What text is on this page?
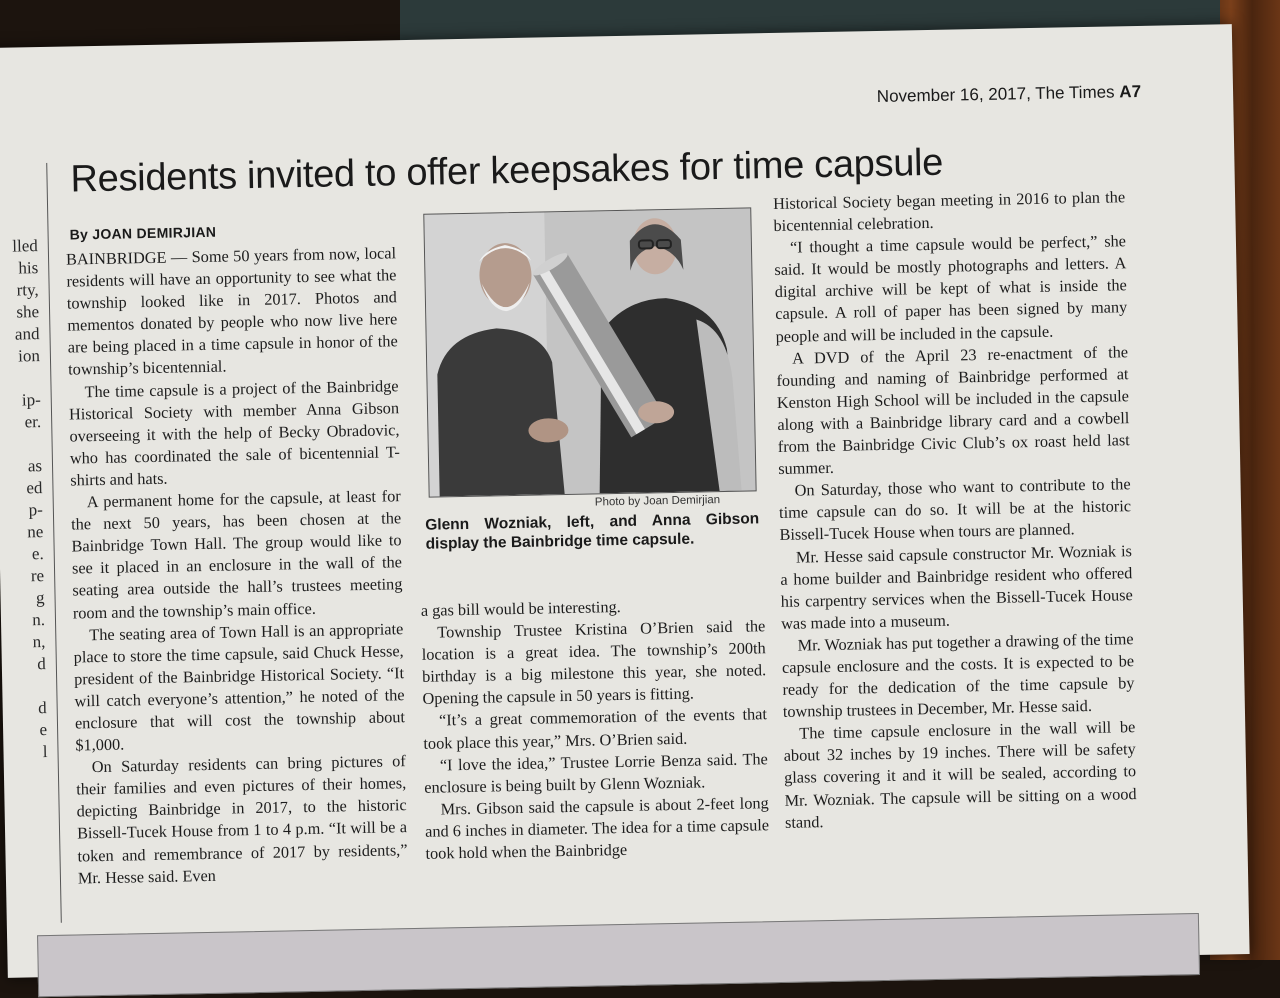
lled
his
rty,
she
and
ion
ip-
er.
as
ed
p-
ne
e.
re
g
n.
n,
d
d
e
l
November 16, 2017, The Times A7
Residents invited to offer keepsakes for time capsule
By JOAN DEMIRJIAN

BAINBRIDGE — Some 50 years from now, local residents will have an opportunity to see what the township looked like in 2017. Photos and mementos donated by people who now live here are being placed in a time capsule in honor of the township’s bicentennial.

The time capsule is a project of the Bainbridge Historical Society with member Anna Gibson overseeing it with the help of Becky Obradovic, who has coordinated the sale of bicentennial T-shirts and hats.

A permanent home for the capsule, at least for the next 50 years, has been chosen at the Bainbridge Town Hall. The group would like to see it placed in an enclosure in the wall of the seating area outside the hall’s trustees meeting room and the township’s main office.

The seating area of Town Hall is an appropriate place to store the time capsule, said Chuck Hesse, president of the Bainbridge Historical Society. “It will catch everyone’s attention,” he noted of the enclosure that will cost the township about $1,000.

On Saturday residents can bring pictures of their families and even pictures of their homes, depicting Bainbridge in 2017, to the historic Bissell-Tucek House from 1 to 4 p.m. “It will be a token and remembrance of 2017 by residents,” Mr. Hesse said. Even

Photo by Joan Demirjian
Glenn Wozniak, left, and Anna Gibson display the Bainbridge time capsule.

a gas bill would be interesting.

Township Trustee Kristina O’Brien said the location is a great idea. The township’s 200th birthday is a big milestone this year, she noted. Opening the capsule in 50 years is fitting.

“It’s a great commemoration of the events that took place this year,” Mrs. O’Brien said.

“I love the idea,” Trustee Lorrie Benza said. The enclosure is being built by Glenn Wozniak.

Mrs. Gibson said the capsule is about 2-feet long and 6 inches in diameter. The idea for a time capsule took hold when the Bainbridge

Historical Society began meeting in 2016 to plan the bicentennial celebration.

“I thought a time capsule would be perfect,” she said. It would be mostly photographs and letters. A digital archive will be kept of what is inside the capsule. A roll of paper has been signed by many people and will be included in the capsule.

A DVD of the April 23 re-enactment of the founding and naming of Bainbridge performed at Kenston High School will be included in the capsule along with a Bainbridge library card and a cowbell from the Bainbridge Civic Club’s ox roast held last summer.

On Saturday, those who want to contribute to the time capsule can do so. It will be at the historic Bissell-Tucek House when tours are planned.

Mr. Hesse said capsule constructor Mr. Wozniak is a home builder and Bainbridge resident who offered his carpentry services when the Bissell-Tucek House was made into a museum.

Mr. Wozniak has put together a drawing of the time capsule enclosure and the costs. It is expected to be ready for the dedication of the time capsule by township trustees in December, Mr. Hesse said.

The time capsule enclosure in the wall will be about 32 inches by 19 inches. There will be safety glass covering it and it will be sealed, according to Mr. Wozniak. The capsule will be sitting on a wood stand.
